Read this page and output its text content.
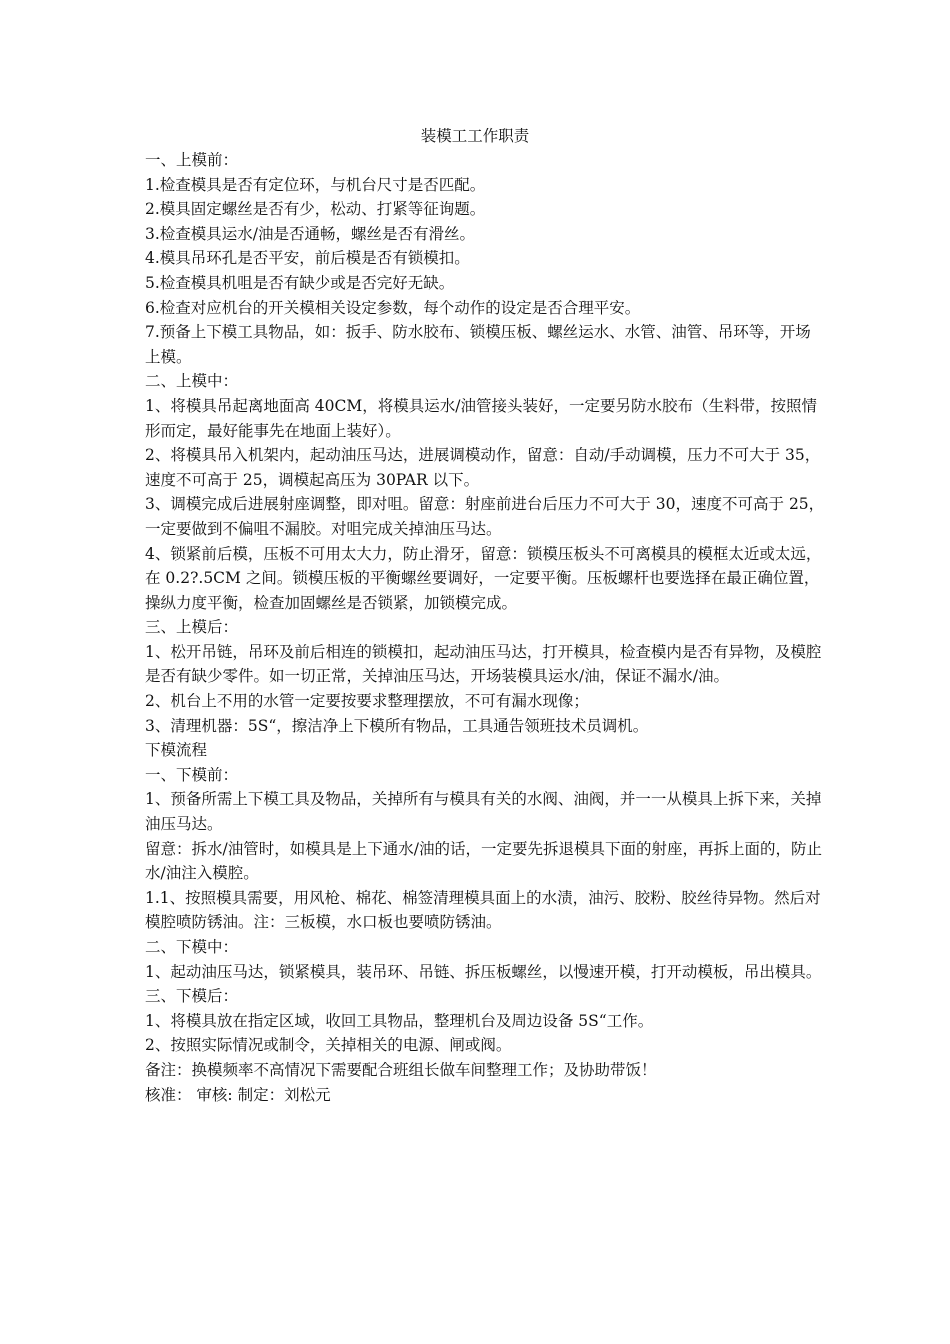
装模工工作职责

一、上模前：

1.检查模具是否有定位环，与机台尺寸是否匹配。

2.模具固定螺丝是否有少，松动、打紧等征询题。

3.检查模具运水/油是否通畅，螺丝是否有滑丝。

4.模具吊环孔是否平安，前后模是否有锁模扣。

5.检查模具机咀是否有缺少或是否完好无缺。

6.检查对应机台的开关模相关设定参数，每个动作的设定是否合理平安。

7.预备上下模工具物品，如：扳手、防水胶布、锁模压板、螺丝运水、水管、油管、吊环等，开场上模。

二、上模中：

1、将模具吊起离地面高 40CM，将模具运水/油管接头装好，一定要另防水胶布（生料带，按照情形而定，最好能事先在地面上装好）。

2、将模具吊入机架内，起动油压马达，进展调模动作，留意：自动/手动调模，压力不可大于 35，速度不可高于 25，调模起高压为 30PAR 以下。

3、调模完成后进展射座调整，即对咀。留意：射座前进台后压力不可大于 30，速度不可高于 25，一定要做到不偏咀不漏胶。对咀完成关掉油压马达。

4、锁紧前后模，压板不可用太大力，防止滑牙，留意：锁模压板头不可离模具的模框太近或太远，在 0.2?.5CM 之间。锁模压板的平衡螺丝要调好，一定要平衡。压板螺杆也要选择在最正确位置，操纵力度平衡，检查加固螺丝是否锁紧，加锁模完成。

三、上模后：

1、松开吊链，吊环及前后相连的锁模扣，起动油压马达，打开模具，检查模内是否有异物，及模腔是否有缺少零件。如一切正常，关掉油压马达，开场装模具运水/油，保证不漏水/油。

2、机台上不用的水管一定要按要求整理摆放，不可有漏水现像；

3、清理机器：5S“，擦洁净上下模所有物品，工具通告领班技术员调机。

下模流程

一、下模前：

1、预备所需上下模工具及物品，关掉所有与模具有关的水阀、油阀，并一一从模具上拆下来，关掉油压马达。

留意：拆水/油管时，如模具是上下通水/油的话，一定要先拆退模具下面的射座，再拆上面的，防止水/油注入模腔。

1.1、按照模具需要，用风枪、棉花、棉签清理模具面上的水渍，油污、胶粉、胶丝待异物。然后对模腔喷防锈油。注：三板模，水口板也要喷防锈油。

二、下模中：

1、起动油压马达，锁紧模具，装吊环、吊链、拆压板螺丝，以慢速开模，打开动模板，吊出模具。

三、下模后：

1、将模具放在指定区域，收回工具物品，整理机台及周边设备 5S“工作。

2、按照实际情况或制令，关掉相关的电源、闸或阀。

备注：换模频率不高情况下需要配合班组长做车间整理工作；及协助带饭！

核准： 审核: 制定：刘松元
